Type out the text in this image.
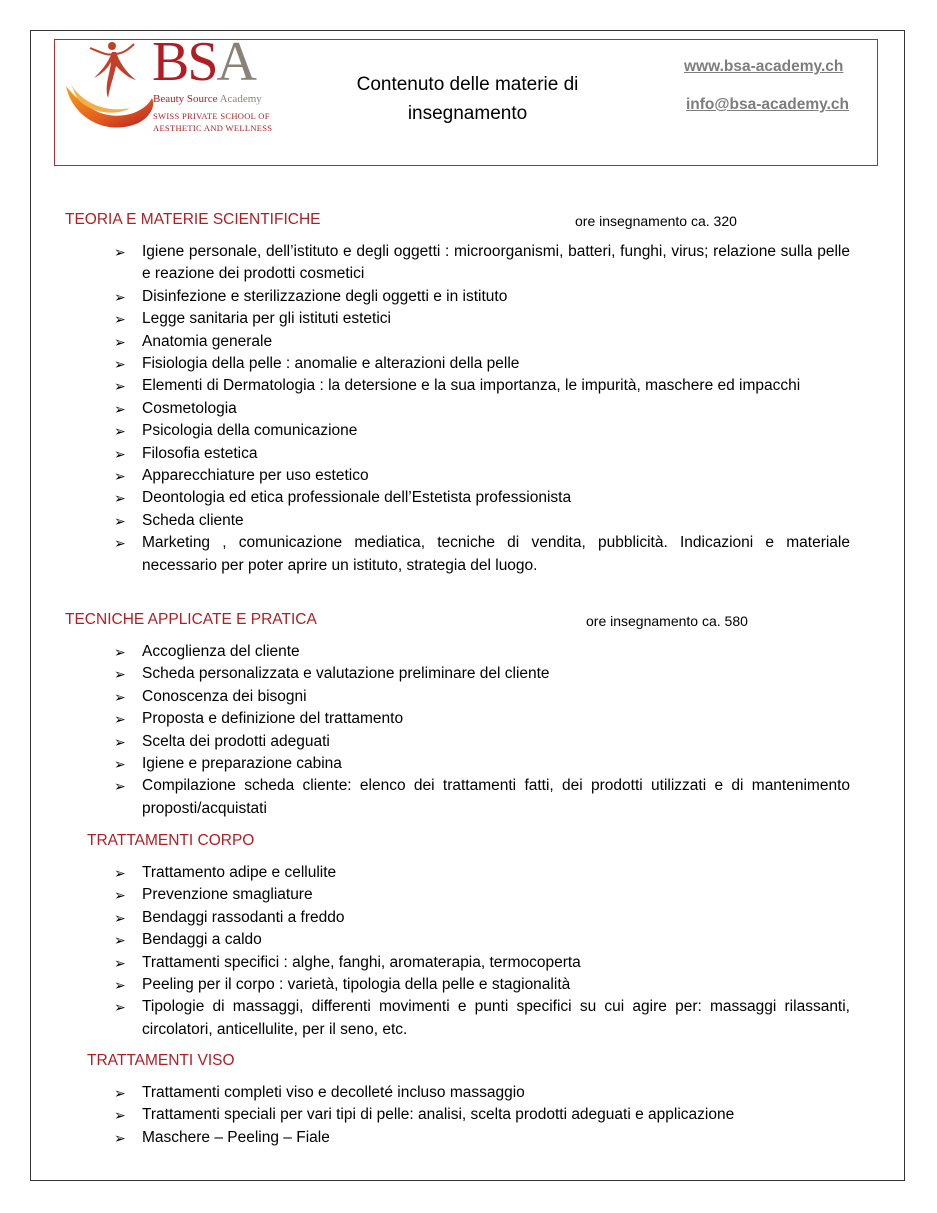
BSA
Beauty Source Academy
SWISS PRIVATE SCHOOL OF
AESTHETIC AND WELLNESS
Contenuto delle materie di
insegnamento
www.bsa-academy.ch
info@bsa-academy.ch
TEORIA E MATERIE SCIENTIFICHE	ore insegnamento ca. 320
➢ Igiene personale, dell’istituto e degli oggetti : microorganismi, batteri, funghi, virus; relazione sulla pelle e reazione dei prodotti cosmetici
➢ Disinfezione e sterilizzazione degli oggetti e in istituto
➢ Legge sanitaria per gli istituti estetici
➢ Anatomia generale
➢ Fisiologia della pelle : anomalie e alterazioni della pelle
➢ Elementi di Dermatologia : la detersione e la sua importanza, le impurità, maschere ed impacchi
➢ Cosmetologia
➢ Psicologia della comunicazione
➢ Filosofia estetica
➢ Apparecchiature per uso estetico
➢ Deontologia ed etica professionale dell’Estetista professionista
➢ Scheda cliente
➢ Marketing , comunicazione mediatica, tecniche di vendita, pubblicità. Indicazioni e materiale necessario per poter aprire un istituto, strategia del luogo.
TECNICHE APPLICATE E PRATICA	ore insegnamento ca. 580
➢ Accoglienza del cliente
➢ Scheda personalizzata e valutazione preliminare del cliente
➢ Conoscenza dei bisogni
➢ Proposta e definizione del trattamento
➢ Scelta dei prodotti adeguati
➢ Igiene e preparazione cabina
➢ Compilazione scheda cliente: elenco dei trattamenti fatti, dei prodotti utilizzati e di mantenimento proposti/acquistati
TRATTAMENTI CORPO
➢ Trattamento adipe e cellulite
➢ Prevenzione smagliature
➢ Bendaggi rassodanti a freddo
➢ Bendaggi a caldo
➢ Trattamenti specifici : alghe, fanghi, aromaterapia, termocoperta
➢ Peeling per il corpo : varietà, tipologia della pelle e stagionalità
➢ Tipologie di massaggi, differenti movimenti e punti specifici su cui agire per: massaggi rilassanti, circolatori, anticellulite, per il seno, etc.
TRATTAMENTI VISO
➢ Trattamenti completi viso e decolleté incluso massaggio
➢ Trattamenti speciali per vari tipi di pelle: analisi, scelta prodotti adeguati e applicazione
➢ Maschere – Peeling – Fiale
